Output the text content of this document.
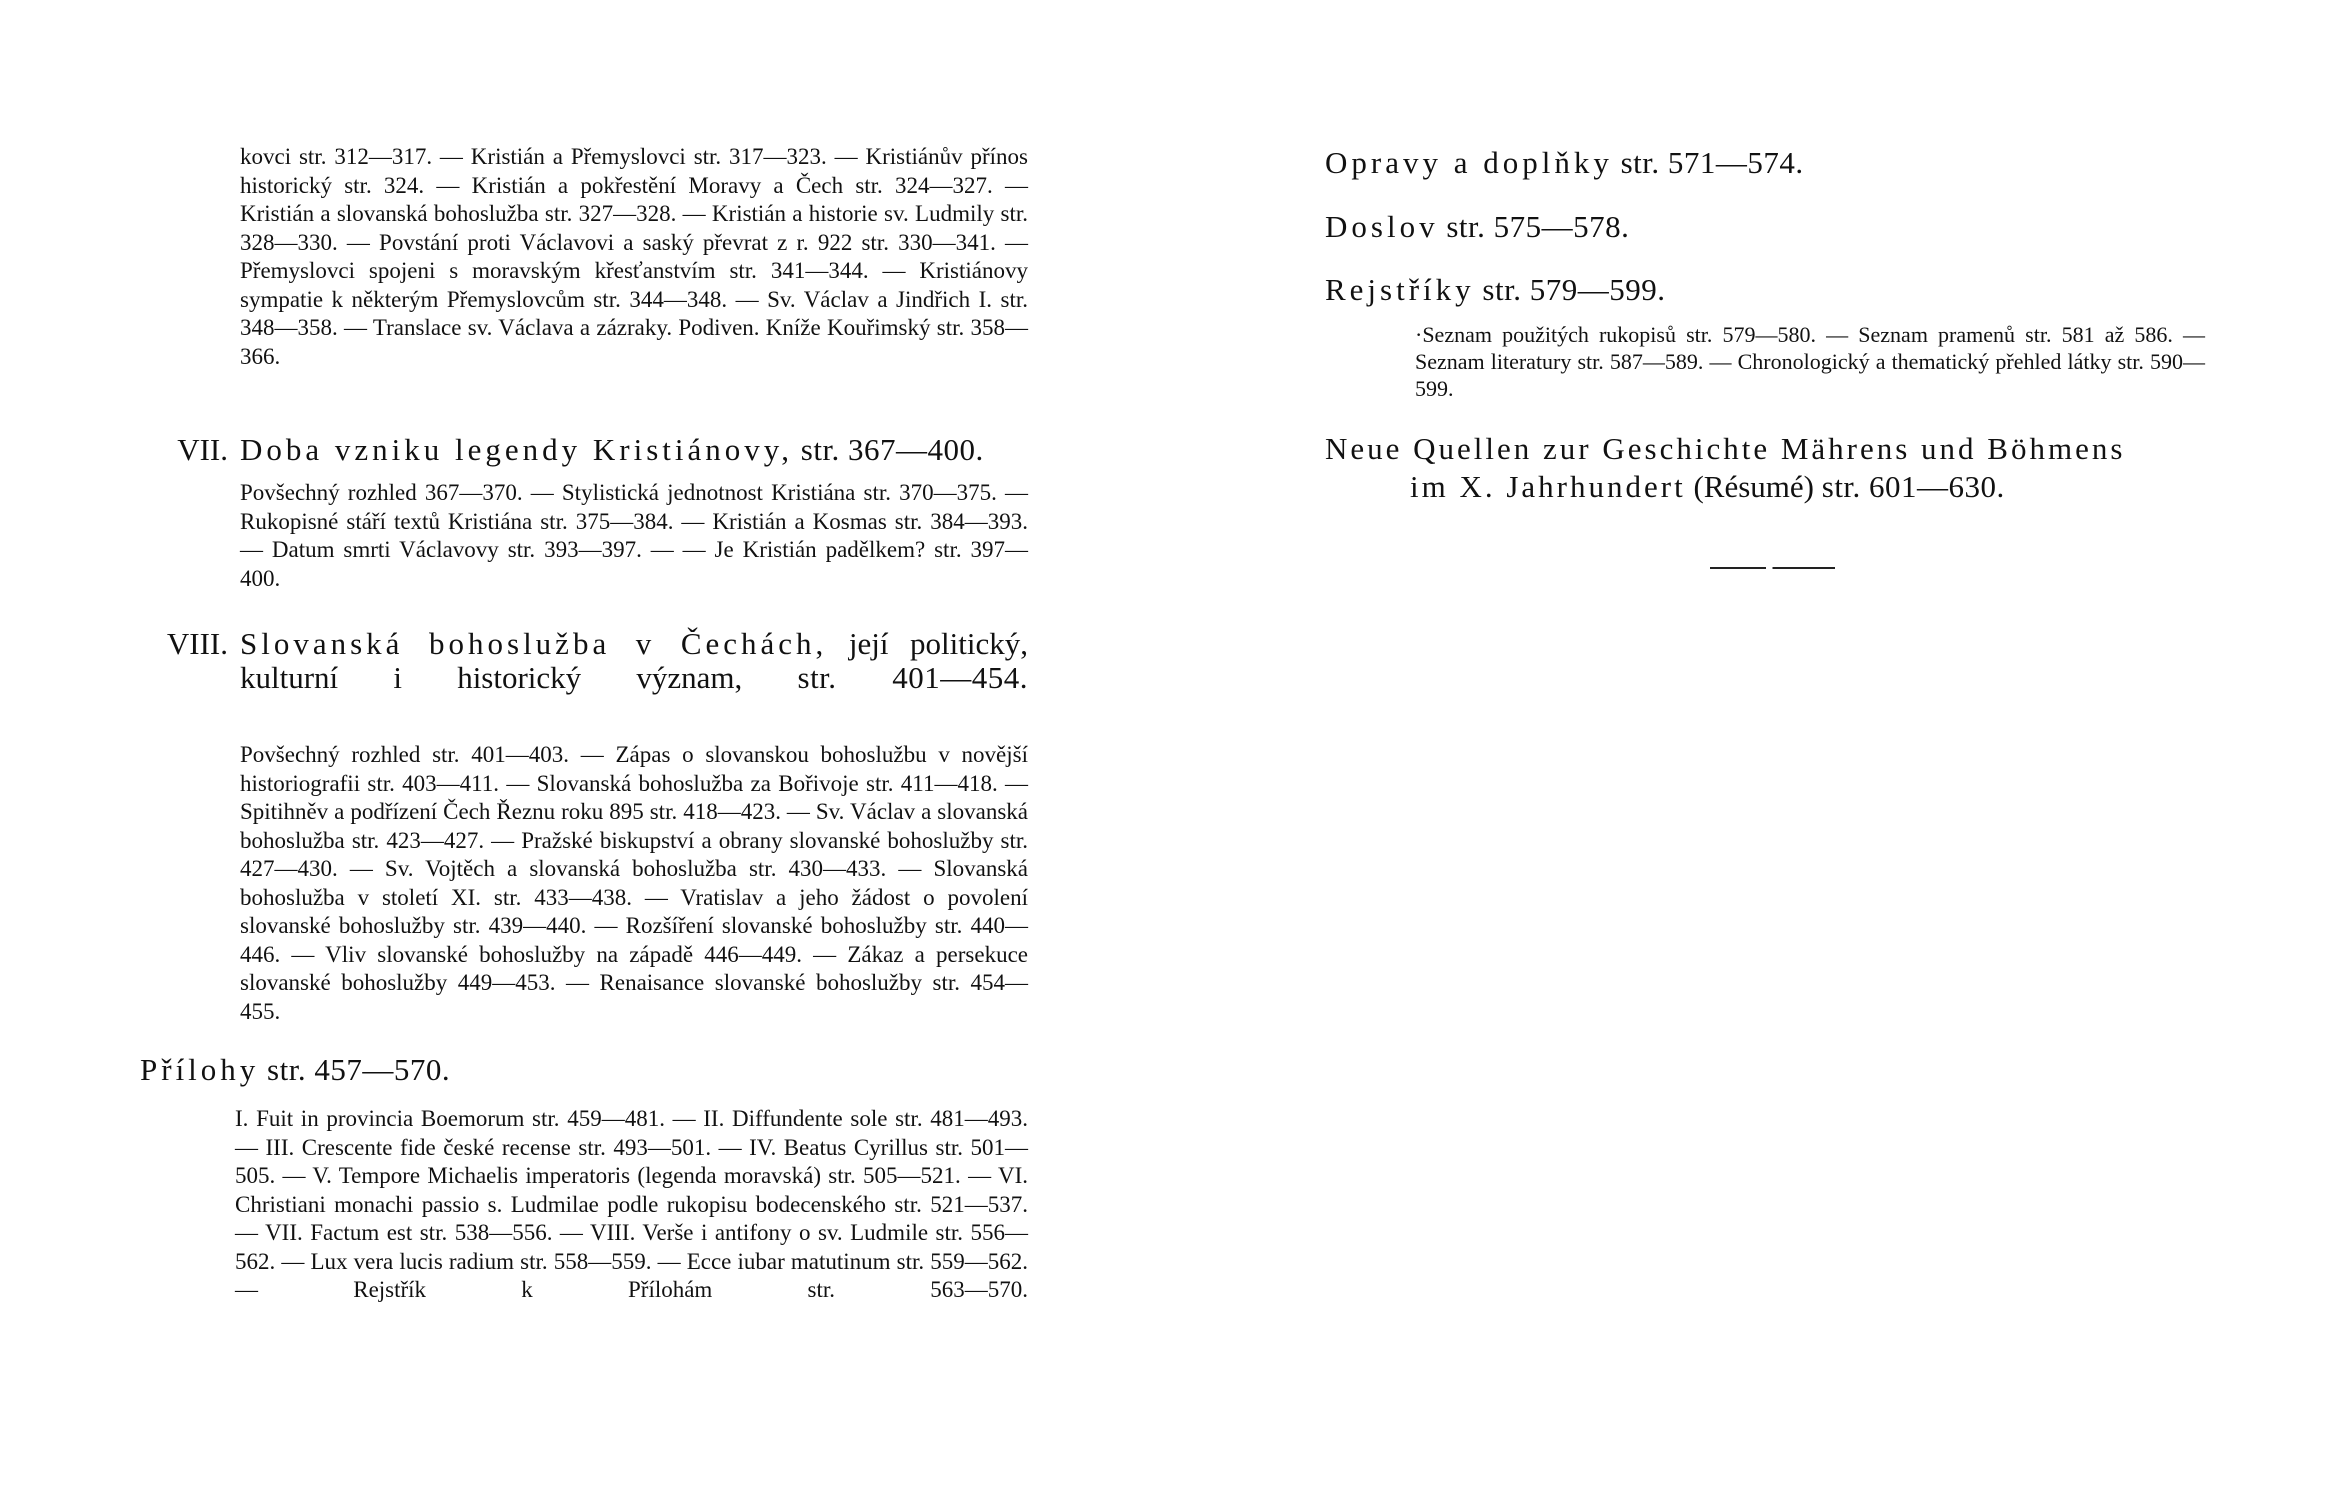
kovci str. 312—317. — Kristián a Přemyslovci str. 317—323. — Kristiánův přínos historický str. 324. — Kristián a pokřestění Moravy a Čech str. 324—327. — Kristián a slovanská bohoslužba str. 327—328. — Kristián a historie sv. Ludmily str. 328—330. — Povstání proti Václavovi a saský převrat z r. 922 str. 330—341. — Přemyslovci spojeni s moravským křesťanstvím str. 341—344. — Kristiánovy sympatie k některým Přemyslovcům str. 344—348. — Sv. Václav a Jindřich I. str. 348—358. — Translace sv. Václava a zázraky. Podiven. Kníže Kouřimský str. 358—366.
VII. Doba vzniku legendy Kristiánovy, str. 367—400.
Povšechný rozhled 367—370. — Stylistická jednotnost Kristiána str. 370—375. — Rukopisné stáří textů Kristiána str. 375—384. — Kristián a Kosmas str. 384—393. — Datum smrti Václavovy str. 393—397. — — Je Kristián padělkem? str. 397—400.
VIII. Slovanská bohoslužba v Čechách, její politický, kulturní i historický význam, str. 401—454.
Povšechný rozhled str. 401—403. — Zápas o slovanskou bohoslužbu v novější historiografii str. 403—411. — Slovanská bohoslužba za Bořivoje str. 411—418. — Spitihněv a podřízení Čech Řeznu roku 895 str. 418—423. — Sv. Václav a slovanská bohoslužba str. 423—427. — Pražské biskupství a obrany slovanské bohoslužby str. 427—430. — Sv. Vojtěch a slovanská bohoslužba str. 430—433. — Slovanská bohoslužba v století XI. str. 433—438. — Vratislav a jeho žádost o povolení slovanské bohoslužby str. 439—440. — Rozšíření slovanské bohoslužby str. 440—446. — Vliv slovanské bohoslužby na západě 446—449. — Zákaz a persekuce slovanské bohoslužby 449—453. — Renaisance slovanské bohoslužby str. 454—455.
Přílohy str. 457—570.
I. Fuit in provincia Boemorum str. 459—481. — II. Diffundente sole str. 481—493. — III. Crescente fide české recense str. 493—501. — IV. Beatus Cyrillus str. 501—505. — V. Tempore Michaelis imperatoris (legenda moravská) str. 505—521. — VI. Christiani monachi passio s. Ludmilae podle rukopisu bodecenského str. 521—537. — VII. Factum est str. 538—556. — VIII. Verše i antifony o sv. Ludmile str. 556—562. — Lux vera lucis radium str. 558—559. — Ecce iubar matutinum str. 559—562. — Rejstřík k Přílohám str. 563—570.
Opravy a doplňky str. 571—574.
Doslov str. 575—578.
Rejstříky str. 579—599.
·Seznam použitých rukopisů str. 579—580. — Seznam pramenů str. 581 až 586. — Seznam literatury str. 587—589. — Chronologický a thematický přehled látky str. 590—599.
Neue Quellen zur Geschichte Mährens und Böhmens
im X. Jahrhundert (Résumé) str. 601—630.
